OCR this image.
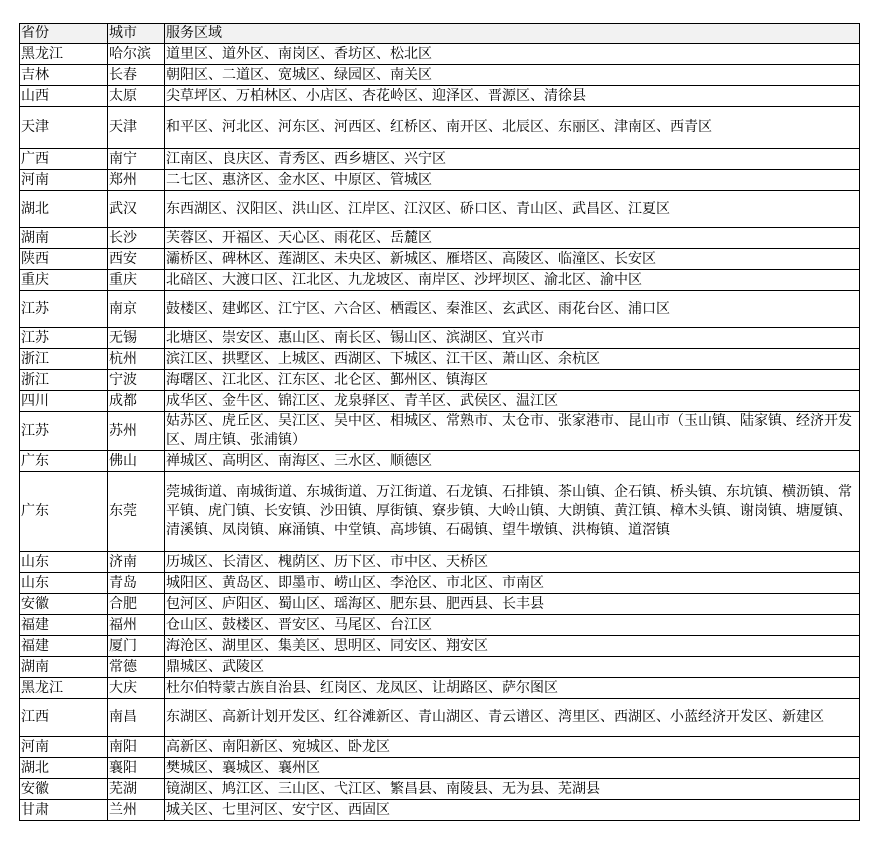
省份	城市	服务区域
黑龙江	哈尔滨	道里区、道外区、南岗区、香坊区、松北区
吉林	长春	朝阳区、二道区、宽城区、绿园区、南关区
山西	太原	尖草坪区、万柏林区、小店区、杏花岭区、迎泽区、晋源区、清徐县
天津	天津	和平区、河北区、河东区、河西区、红桥区、南开区、北辰区、东丽区、津南区、西青区
广西	南宁	江南区、良庆区、青秀区、西乡塘区、兴宁区
河南	郑州	二七区、惠济区、金水区、中原区、管城区
湖北	武汉	东西湖区、汉阳区、洪山区、江岸区、江汉区、硚口区、青山区、武昌区、江夏区
湖南	长沙	芙蓉区、开福区、天心区、雨花区、岳麓区
陕西	西安	灞桥区、碑林区、莲湖区、未央区、新城区、雁塔区、高陵区、临潼区、长安区
重庆	重庆	北碚区、大渡口区、江北区、九龙坡区、南岸区、沙坪坝区、渝北区、渝中区
江苏	南京	鼓楼区、建邺区、江宁区、六合区、栖霞区、秦淮区、玄武区、雨花台区、浦口区
江苏	无锡	北塘区、崇安区、惠山区、南长区、锡山区、滨湖区、宜兴市
浙江	杭州	滨江区、拱墅区、上城区、西湖区、下城区、江干区、萧山区、余杭区
浙江	宁波	海曙区、江北区、江东区、北仑区、鄞州区、镇海区
四川	成都	成华区、金牛区、锦江区、龙泉驿区、青羊区、武侯区、温江区
江苏	苏州	姑苏区、虎丘区、吴江区、吴中区、相城区、常熟市、太仓市、张家港市、昆山市（玉山镇、陆家镇、经济开发区、周庄镇、张浦镇）
广东	佛山	禅城区、高明区、南海区、三水区、顺德区
广东	东莞	莞城街道、南城街道、东城街道、万江街道、石龙镇、石排镇、茶山镇、企石镇、桥头镇、东坑镇、横沥镇、常平镇、虎门镇、长安镇、沙田镇、厚街镇、寮步镇、大岭山镇、大朗镇、黄江镇、樟木头镇、谢岗镇、塘厦镇、清溪镇、凤岗镇、麻涌镇、中堂镇、高埗镇、石碣镇、望牛墩镇、洪梅镇、道滘镇
山东	济南	历城区、长清区、槐荫区、历下区、市中区、天桥区
山东	青岛	城阳区、黄岛区、即墨市、崂山区、李沧区、市北区、市南区
安徽	合肥	包河区、庐阳区、蜀山区、瑶海区、肥东县、肥西县、长丰县
福建	福州	仓山区、鼓楼区、晋安区、马尾区、台江区
福建	厦门	海沧区、湖里区、集美区、思明区、同安区、翔安区
湖南	常德	鼎城区、武陵区
黑龙江	大庆	杜尔伯特蒙古族自治县、红岗区、龙凤区、让胡路区、萨尔图区
江西	南昌	东湖区、高新计划开发区、红谷滩新区、青山湖区、青云谱区、湾里区、西湖区、小蓝经济开发区、新建区
河南	南阳	高新区、南阳新区、宛城区、卧龙区
湖北	襄阳	樊城区、襄城区、襄州区
安徽	芜湖	镜湖区、鸠江区、三山区、弋江区、繁昌县、南陵县、无为县、芜湖县
甘肃	兰州	城关区、七里河区、安宁区、西固区
